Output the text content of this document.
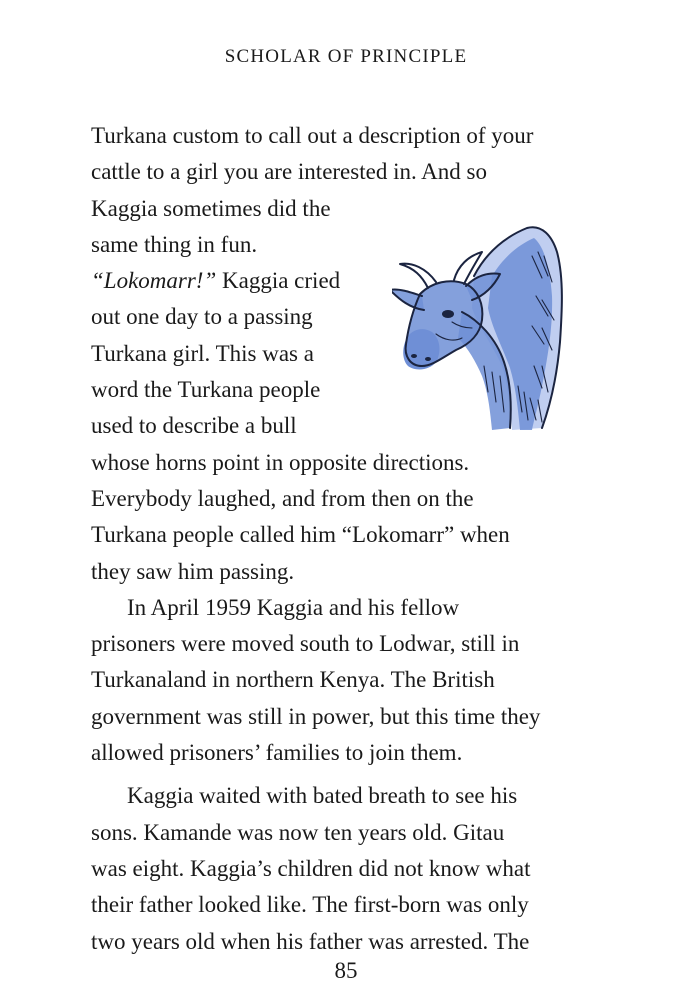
SCHOLAR OF PRINCIPLE
Turkana custom to call out a description of your
cattle to a girl you are interested in. And so
Kaggia sometimes did the
same thing in fun.
“Lokomarr!” Kaggia cried
out one day to a passing
Turkana girl. This was a
word the Turkana people
used to describe a bull
whose horns point in opposite directions.
Everybody laughed, and from then on the
Turkana people called him “Lokomarr” when
they saw him passing.
In April 1959 Kaggia and his fellow
prisoners were moved south to Lodwar, still in
Turkanaland in northern Kenya. The British
government was still in power, but this time they
allowed prisoners’ families to join them.
Kaggia waited with bated breath to see his
sons. Kamande was now ten years old. Gitau
was eight. Kaggia’s children did not know what
their father looked like. The first-born was only
two years old when his father was arrested. The
85
